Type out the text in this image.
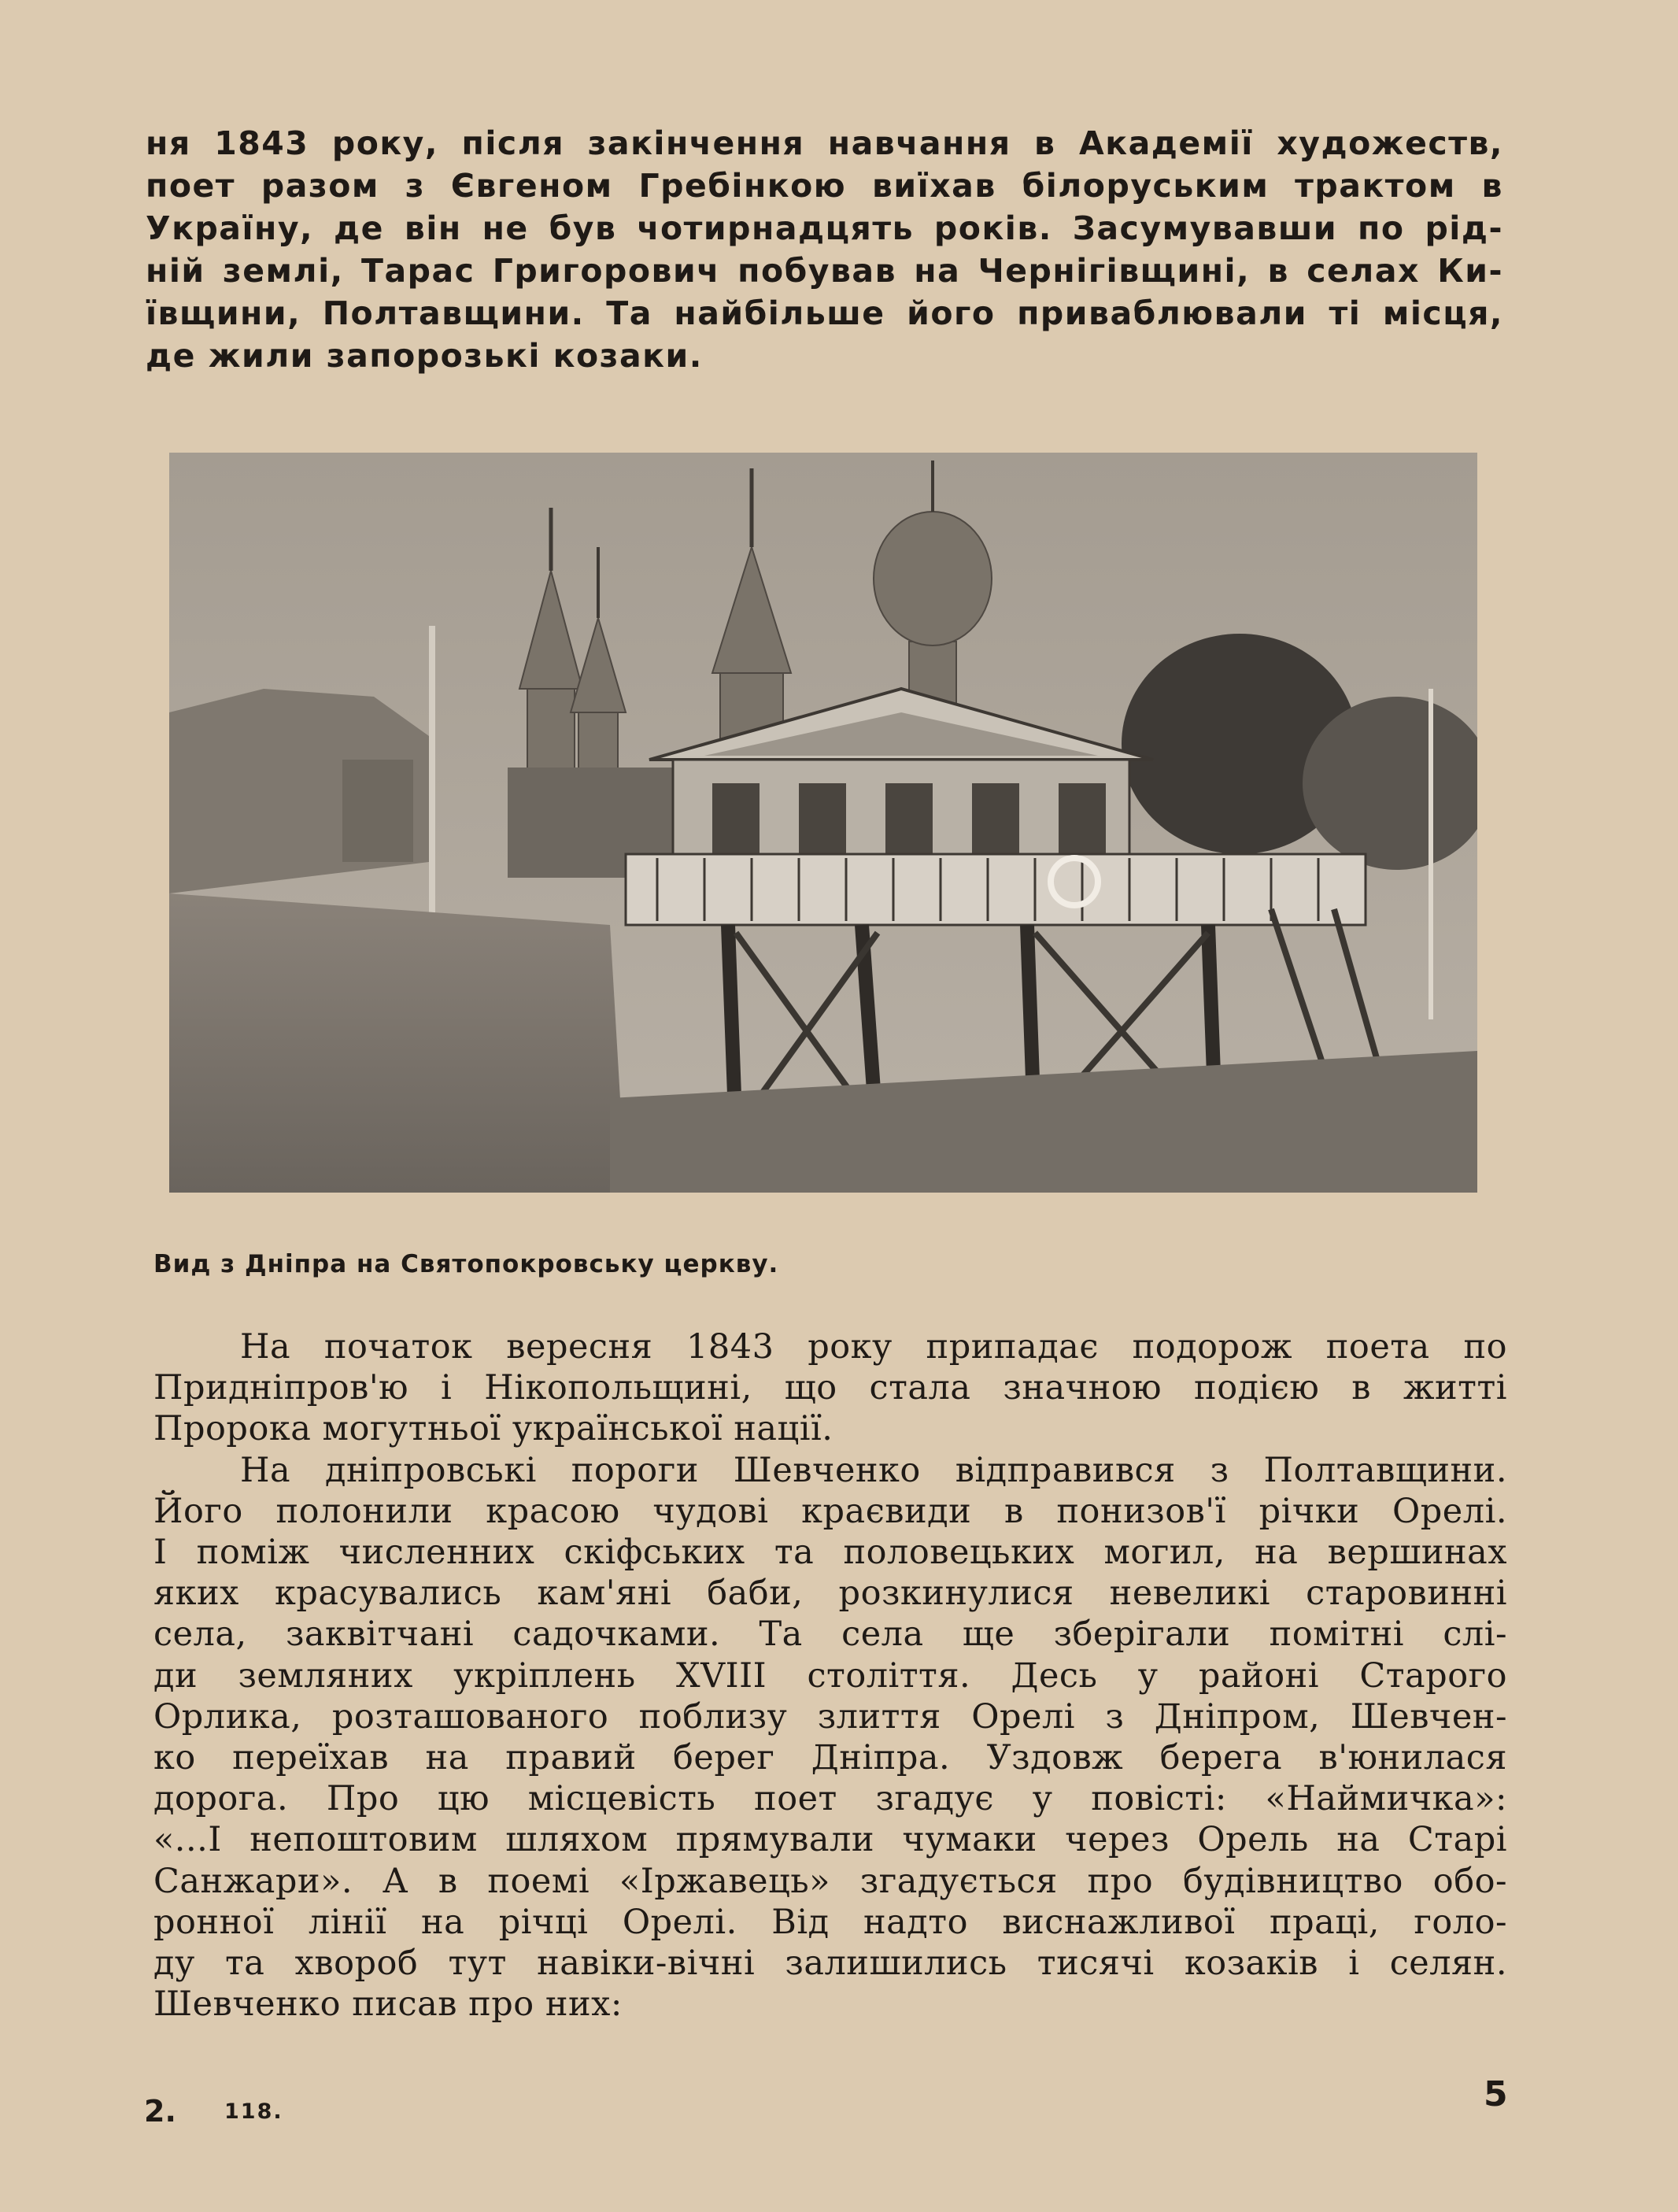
ня 1843 року, після закінчення навчання в Академії художеств,
поет разом з Євгеном Гребінкою виїхав білоруським трактом в
Україну, де він не був чотирнадцять років. Засумувавши по рід-
ній землі, Тарас Григорович побував на Чернігівщині, в селах Ки-
ївщини, Полтавщини. Та найбільше його приваблювали ті місця,
де жили запорозькі козаки.

Вид з Дніпра на Святопокровську церкву.

На початок вересня 1843 року припадає подорож поета по
Придніпров'ю і Нікопольщині, що стала значною подією в житті
Пророка могутньої української нації.
На дніпровські пороги Шевченко відправився з Полтавщини.
Його полонили красою чудові краєвиди в понизов'ї річки Орелі.
І поміж численних скіфських та половецьких могил, на вершинах
яких красувались кам'яні баби, розкинулися невеликі старовинні
села, заквітчані садочками. Та села ще зберігали помітні слі-
ди земляних укріплень XVIII століття. Десь у районі Старого
Орлика, розташованого поблизу злиття Орелі з Дніпром, Шевчен-
ко переїхав на правий берег Дніпра. Уздовж берега в'юнилася
дорога. Про цю місцевість поет згадує у повісті: «Наймичка»:
«...І непоштовим шляхом прямували чумаки через Орель на Старі
Санжари». А в поемі «Іржавець» згадується про будівництво обо-
ронної лінії на річці Орелі. Від надто виснажливої праці, голо-
ду та хвороб тут навіки-вічні залишились тисячі козаків і селян.
Шевченко писав про них:
2. 118.	5
